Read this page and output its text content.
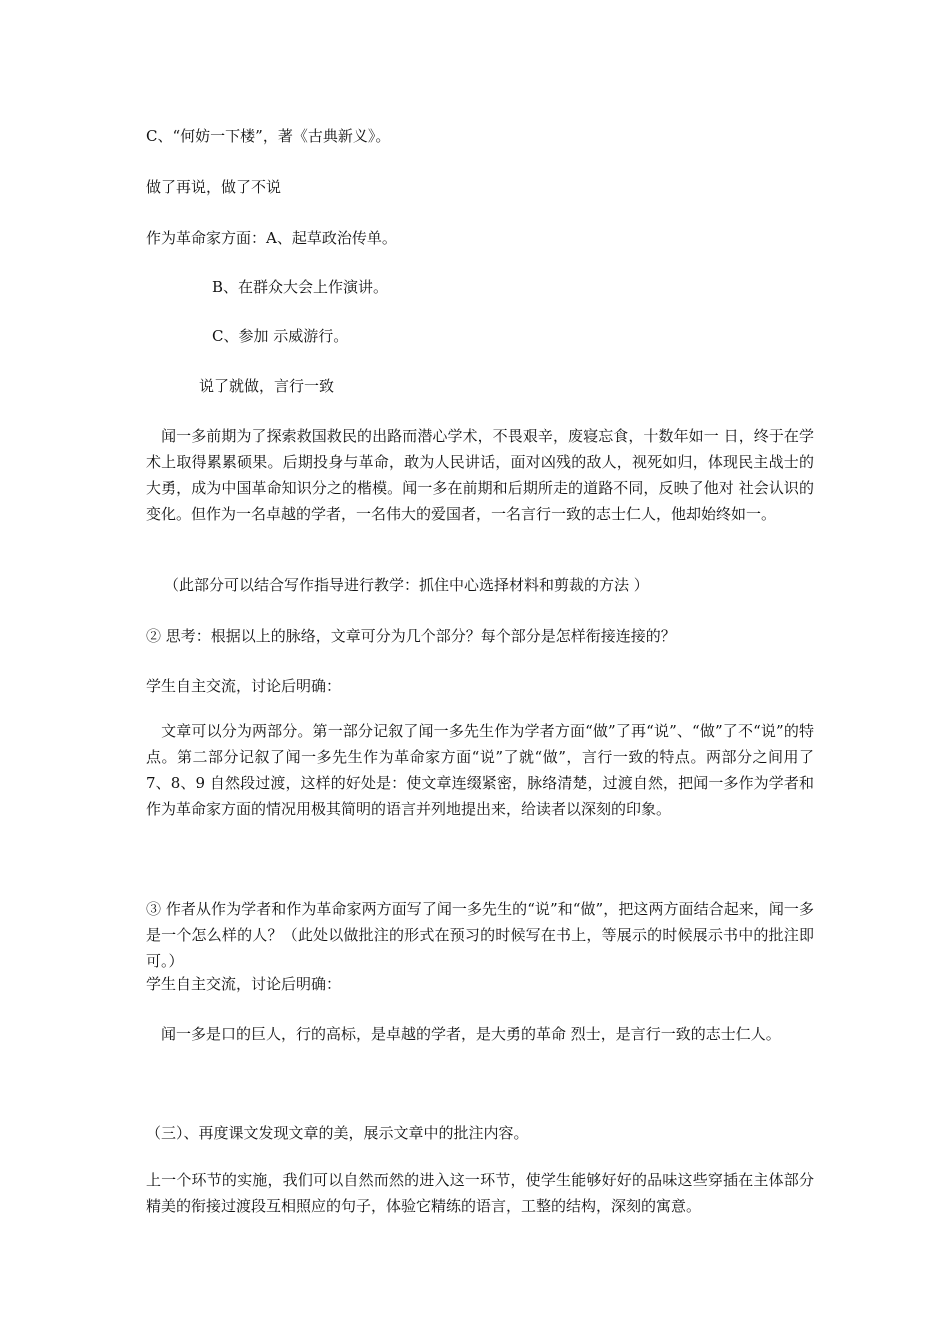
C、“何妨一下楼”，著《古典新义》。
做了再说，做了不说
作为革命家方面：A、起草政治传单。
B、在群众大会上作演讲。
C、参加 示威游行。
说了就做，言行一致
　闻一多前期为了探索救国救民的出路而潜心学术，不畏艰辛，废寝忘食，十数年如一 日，终于在学术上取得累累硕果。后期投身与革命，敢为人民讲话，面对凶残的敌人，视死如归，体现民主战士的大勇，成为中国革命知识分之的楷模。闻一多在前期和后期所走的道路不同，反映了他对 社会认识的变化。但作为一名卓越的学者，一名伟大的爱国者，一名言行一致的志士仁人，他却始终如一。
（此部分可以结合写作指导进行教学：抓住中心选择材料和剪裁的方法 ）
② 思考：根据以上的脉络，文章可分为几个部分？每个部分是怎样衔接连接的？
学生自主交流，讨论后明确：
　文章可以分为两部分。第一部分记叙了闻一多先生作为学者方面“做”了再“说”、“做”了不“说”的特点。第二部分记叙了闻一多先生作为革命家方面“说”了就“做”，言行一致的特点。两部分之间用了 7、8、9 自然段过渡，这样的好处是：使文章连缀紧密，脉络清楚，过渡自然，把闻一多作为学者和作为革命家方面的情况用极其简明的语言并列地提出来，给读者以深刻的印象。
③ 作者从作为学者和作为革命家两方面写了闻一多先生的“说”和“做”，把这两方面结合起来，闻一多是一个怎么样的人？（此处以做批注的形式在预习的时候写在书上，等展示的时候展示书中的批注即可。）
学生自主交流，讨论后明确：
　闻一多是口的巨人，行的高标，是卓越的学者，是大勇的革命 烈士，是言行一致的志士仁人。
（三）、再度课文发现文章的美，展示文章中的批注内容。
上一个环节的实施，我们可以自然而然的进入这一环节，使学生能够好好的品味这些穿插在主体部分精美的衔接过渡段互相照应的句子，体验它精练的语言，工整的结构，深刻的寓意。
